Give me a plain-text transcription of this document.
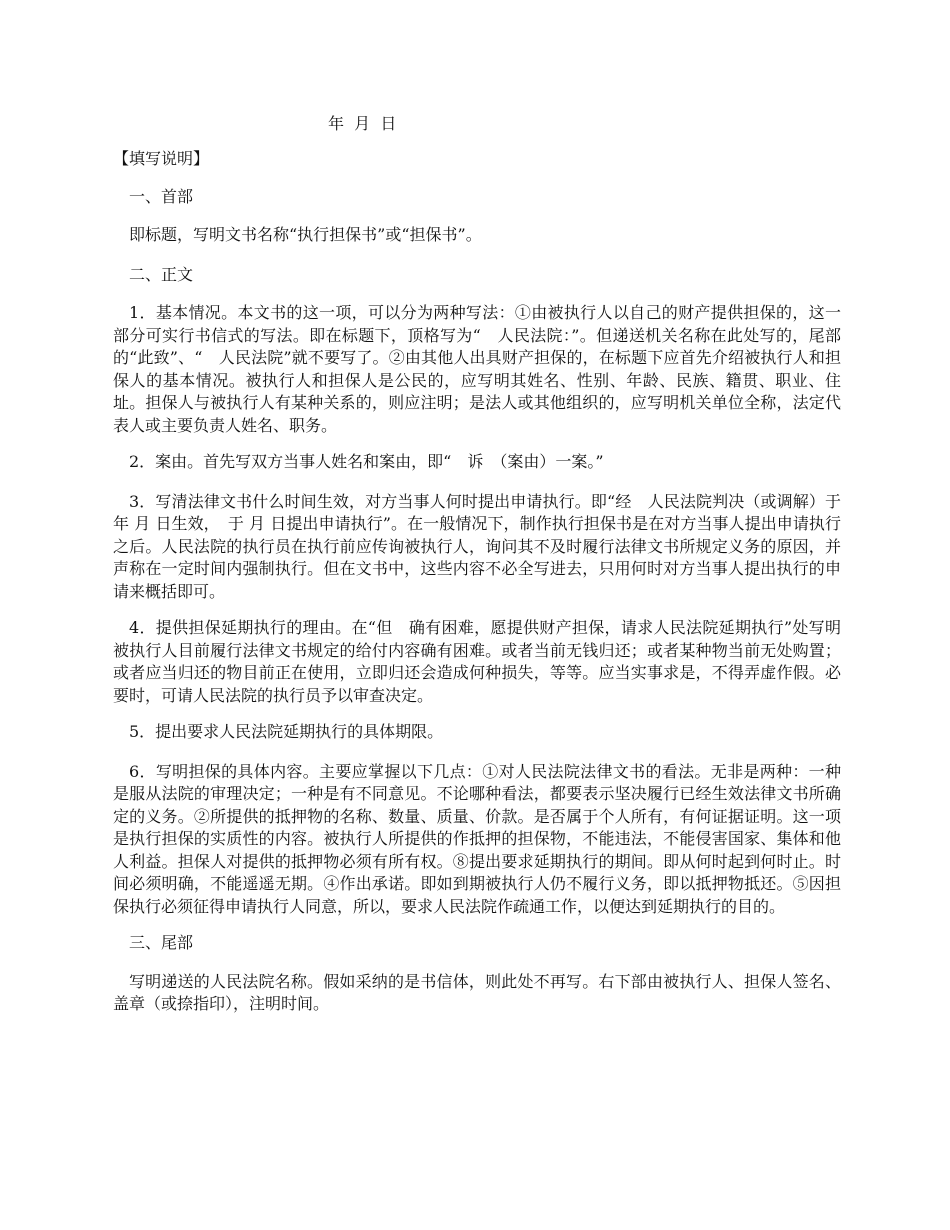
年  月  日

【填写说明】

一、首部

即标题，写明文书名称“执行担保书”或“担保书”。

二、正文

1．基本情况。本文书的这一项，可以分为两种写法：①由被执行人以自己的财产提供担保的，这一部分可实行书信式的写法。即在标题下，顶格写为“　人民法院：”。但递送机关名称在此处写的，尾部的“此致”、“　人民法院”就不要写了。②由其他人出具财产担保的，在标题下应首先介绍被执行人和担保人的基本情况。被执行人和担保人是公民的，应写明其姓名、性别、年龄、民族、籍贯、职业、住址。担保人与被执行人有某种关系的，则应注明；是法人或其他组织的，应写明机关单位全称，法定代表人或主要负责人姓名、职务。

2．案由。首先写双方当事人姓名和案由，即“　诉　（案由）一案。”

3．写清法律文书什么时间生效，对方当事人何时提出申请执行。即“经　人民法院判决（或调解）于 年 月 日生效，　于 月 日提出申请执行”。在一般情况下，制作执行担保书是在对方当事人提出申请执行之后。人民法院的执行员在执行前应传询被执行人，询问其不及时履行法律文书所规定义务的原因，并声称在一定时间内强制执行。但在文书中，这些内容不必全写进去，只用何时对方当事人提出执行的申请来概括即可。

4．提供担保延期执行的理由。在“但　确有困难，愿提供财产担保，请求人民法院延期执行”处写明被执行人目前履行法律文书规定的给付内容确有困难。或者当前无钱归还；或者某种物当前无处购置；或者应当归还的物目前正在使用，立即归还会造成何种损失，等等。应当实事求是，不得弄虚作假。必要时，可请人民法院的执行员予以审查决定。

5．提出要求人民法院延期执行的具体期限。

6．写明担保的具体内容。主要应掌握以下几点：①对人民法院法律文书的看法。无非是两种：一种是服从法院的审理决定；一种是有不同意见。不论哪种看法，都要表示坚决履行已经生效法律文书所确定的义务。②所提供的抵押物的名称、数量、质量、价款。是否属于个人所有，有何证据证明。这一项是执行担保的实质性的内容。被执行人所提供的作抵押的担保物，不能违法，不能侵害国家、集体和他人利益。担保人对提供的抵押物必须有所有权。⑧提出要求延期执行的期间。即从何时起到何时止。时间必须明确，不能遥遥无期。④作出承诺。即如到期被执行人仍不履行义务，即以抵押物抵还。⑤因担保执行必须征得申请执行人同意，所以，要求人民法院作疏通工作，以便达到延期执行的目的。

三、尾部

写明递送的人民法院名称。假如采纳的是书信体，则此处不再写。右下部由被执行人、担保人签名、盖章（或捺指印），注明时间。
